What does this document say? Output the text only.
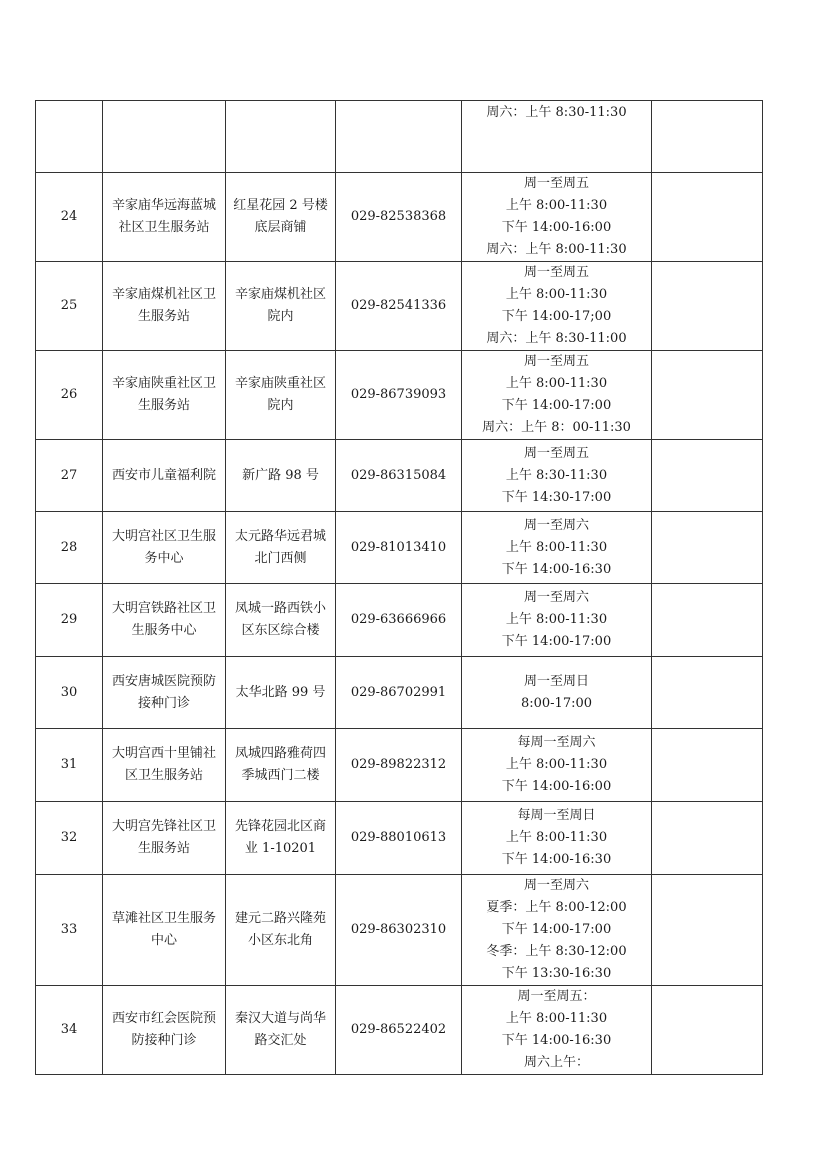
				周六：上午 8:30-11:30	

24	辛家庙华远海蓝城社区卫生服务站	红星花园 2 号楼底层商铺	029-82538368	周一至周五
上午 8:00-11:30
下午 14:00-16:00
周六：上午 8:00-11:30	

25	辛家庙煤机社区卫生服务站	辛家庙煤机社区院内	029-82541336	周一至周五
上午 8:00-11:30
下午 14:00-17;00
周六：上午 8:30-11:00	

26	辛家庙陕重社区卫生服务站	辛家庙陕重社区院内	029-86739093	周一至周五
上午 8:00-11:30
下午 14:00-17:00
周六：上午 8：00-11:30	

27	西安市儿童福利院	新广路 98 号	029-86315084	周一至周五
上午 8:30-11:30
下午 14:30-17:00	

28	大明宫社区卫生服务中心	太元路华远君城北门西侧	029-81013410	周一至周六
上午 8:00-11:30
下午 14:00-16:30	

29	大明宫铁路社区卫生服务中心	凤城一路西铁小区东区综合楼	029-63666966	周一至周六
上午 8:00-11:30
下午 14:00-17:00	

30	西安唐城医院预防接种门诊	太华北路 99 号	029-86702991	周一至周日
8:00-17:00	

31	大明宫西十里铺社区卫生服务站	凤城四路雅荷四季城西门二楼	029-89822312	每周一至周六
上午 8:00-11:30
下午 14:00-16:00	

32	大明宫先锋社区卫生服务站	先锋花园北区商业 1-10201	029-88010613	每周一至周日
上午 8:00-11:30
下午 14:00-16:30	

33	草滩社区卫生服务中心	建元二路兴隆苑小区东北角	029-86302310	周一至周六
夏季：上午 8:00-12:00
下午 14:00-17:00
冬季：上午 8:30-12:00
下午 13:30-16:30	

34	西安市红会医院预防接种门诊	秦汉大道与尚华路交汇处	029-86522402	周一至周五：
上午 8:00-11:30
下午 14:00-16:30
周六上午：	
